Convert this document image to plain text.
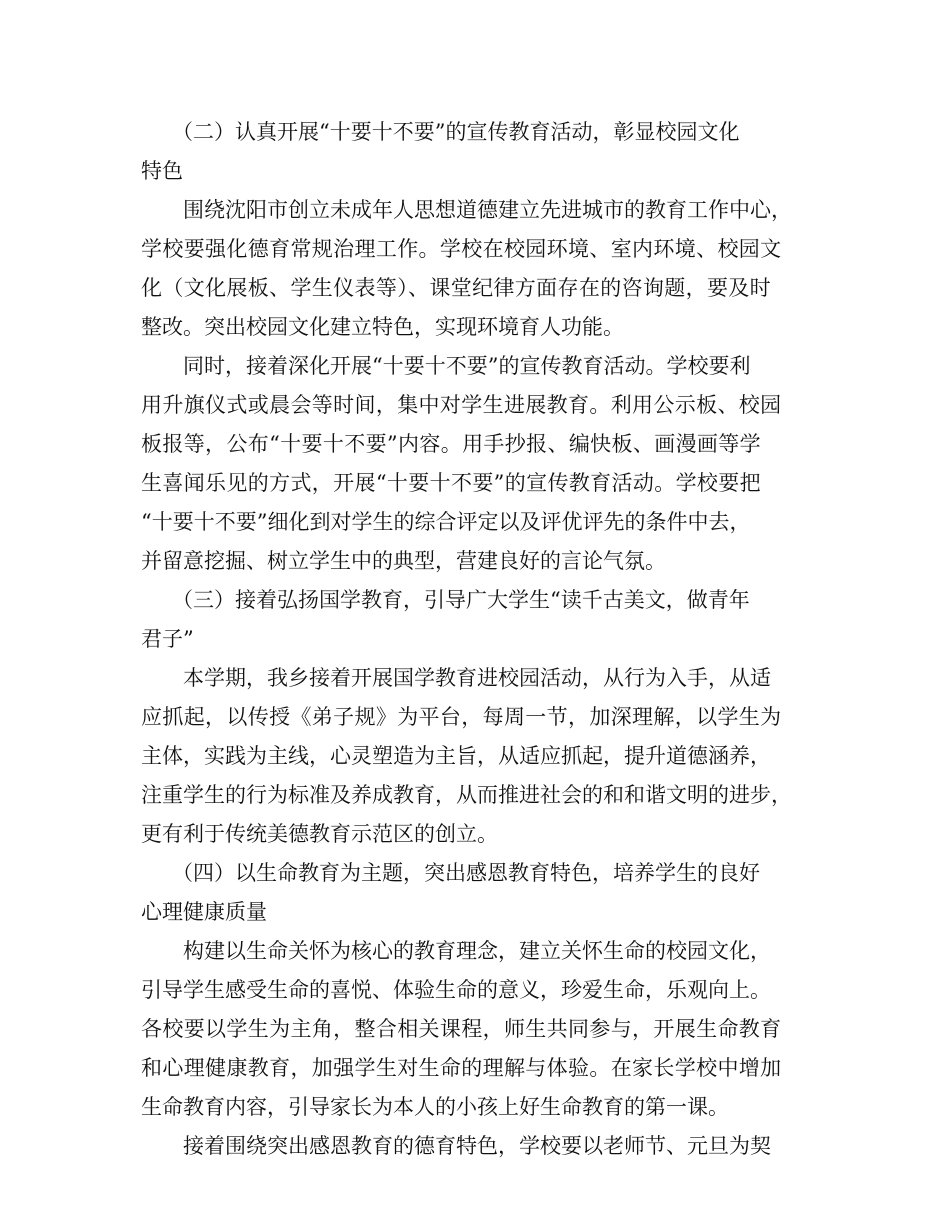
（二）认真开展“十要十不要”的宣传教育活动，彰显校园文化
特色
围绕沈阳市创立未成年人思想道德建立先进城市的教育工作中心，
学校要强化德育常规治理工作。学校在校园环境、室内环境、校园文
化（文化展板、学生仪表等）、课堂纪律方面存在的咨询题，要及时
整改。突出校园文化建立特色，实现环境育人功能。
同时，接着深化开展“十要十不要”的宣传教育活动。学校要利
用升旗仪式或晨会等时间，集中对学生进展教育。利用公示板、校园
板报等，公布“十要十不要”内容。用手抄报、编快板、画漫画等学
生喜闻乐见的方式，开展“十要十不要”的宣传教育活动。学校要把
“十要十不要”细化到对学生的综合评定以及评优评先的条件中去，
并留意挖掘、树立学生中的典型，营建良好的言论气氛。
（三）接着弘扬国学教育，引导广大学生“读千古美文，做青年
君子”
本学期，我乡接着开展国学教育进校园活动，从行为入手，从适
应抓起，以传授《弟子规》为平台，每周一节，加深理解，以学生为
主体，实践为主线，心灵塑造为主旨，从适应抓起，提升道德涵养，
注重学生的行为标准及养成教育，从而推进社会的和和谐文明的进步，
更有利于传统美德教育示范区的创立。
（四）以生命教育为主题，突出感恩教育特色，培养学生的良好
心理健康质量
构建以生命关怀为核心的教育理念，建立关怀生命的校园文化，
引导学生感受生命的喜悦、体验生命的意义，珍爱生命，乐观向上。
各校要以学生为主角，整合相关课程，师生共同参与，开展生命教育
和心理健康教育，加强学生对生命的理解与体验。在家长学校中增加
生命教育内容，引导家长为本人的小孩上好生命教育的第一课。
接着围绕突出感恩教育的德育特色，学校要以老师节、元旦为契
